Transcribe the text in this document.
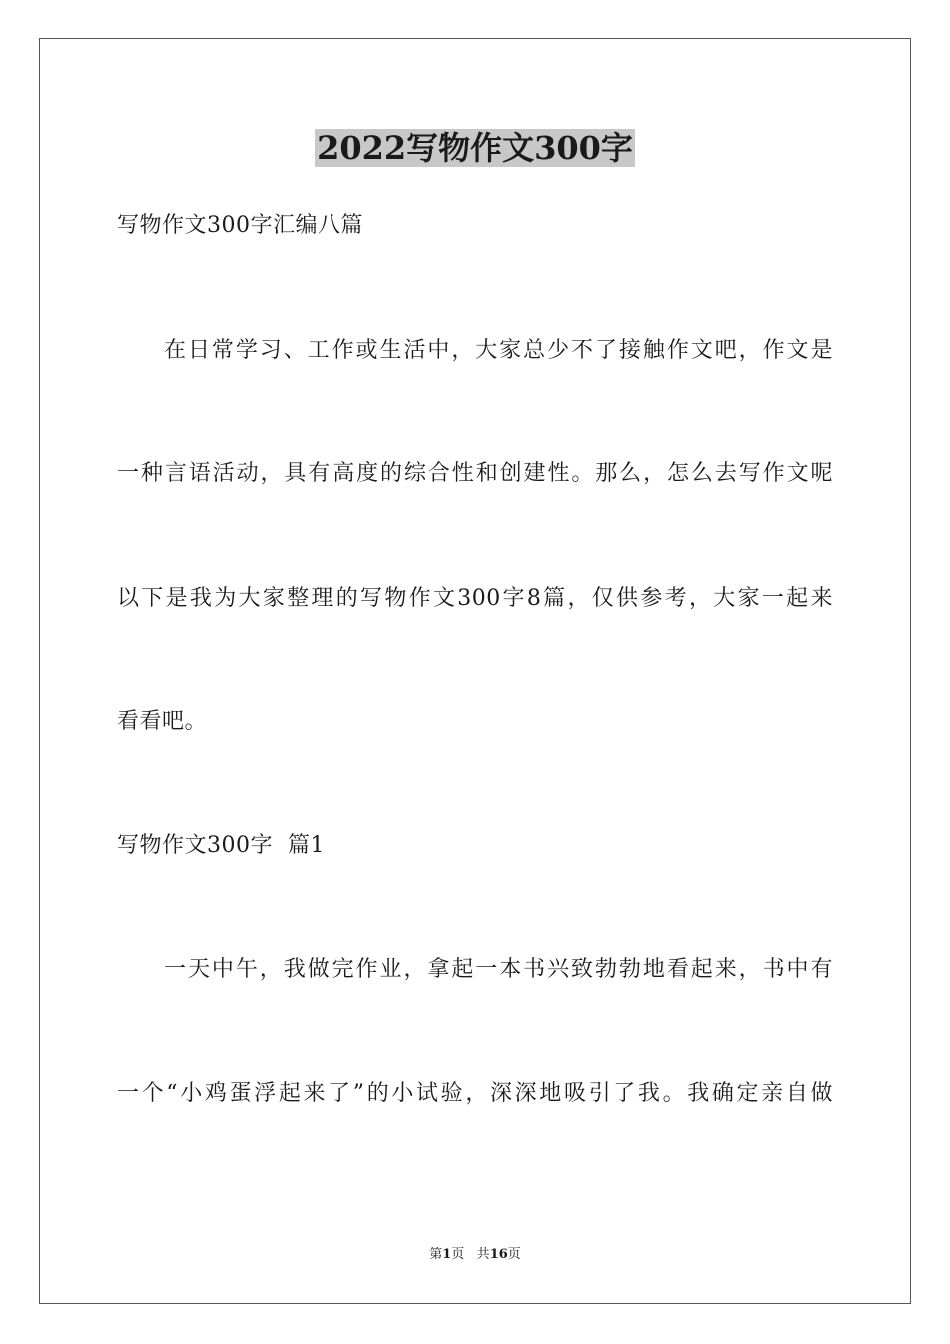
2022写物作文300字
写物作文300字汇编八篇
在日常学习、工作或生活中，大家总少不了接触作文吧，作文是
一种言语活动，具有高度的综合性和创建性。那么，怎么去写作文呢
以下是我为大家整理的写物作文300字8篇，仅供参考，大家一起来
看看吧。
写物作文300字  篇1
一天中午，我做完作业，拿起一本书兴致勃勃地看起来，书中有
一个“小鸡蛋浮起来了”的小试验，深深地吸引了我。我确定亲自做
第1页 共16页
